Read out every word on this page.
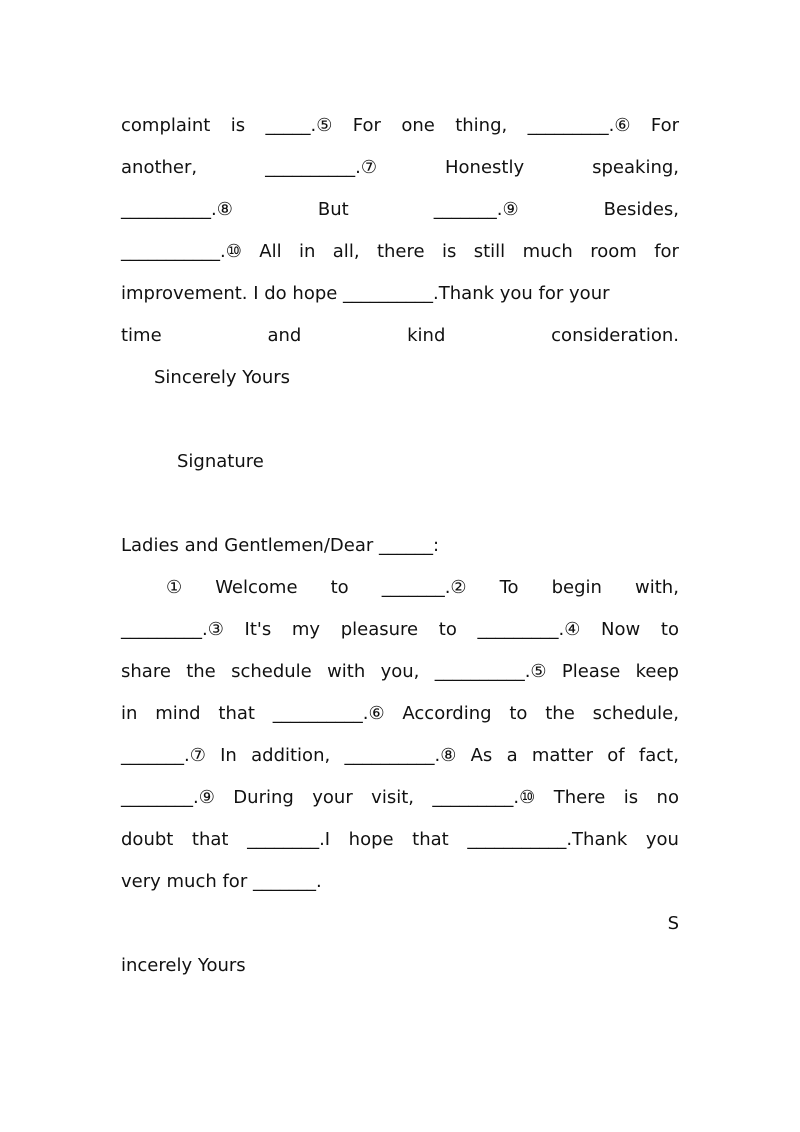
complaint is _____.⑤ For one thing, _________.⑥ For
another,	__________.⑦	Honestly	speaking,
__________.⑧	But	_______.⑨	Besides,
___________.⑩ All in all, there is still much room for
improvement. I do hope __________.Thank you for your
time	and	kind	consideration.
Sincerely Yours
Signature
Ladies and Gentlemen/Dear ______:
① Welcome to _______.② To begin with,
_________.③ It's my pleasure to _________.④ Now to
share the schedule with you, __________.⑤ Please keep
in mind that __________.⑥ According to the schedule,
_______.⑦ In addition, __________.⑧ As a matter of fact,
________.⑨ During your visit, _________.⑩ There is no
doubt that ________.I hope that ___________.Thank you
very much for _______.
S
incerely Yours
